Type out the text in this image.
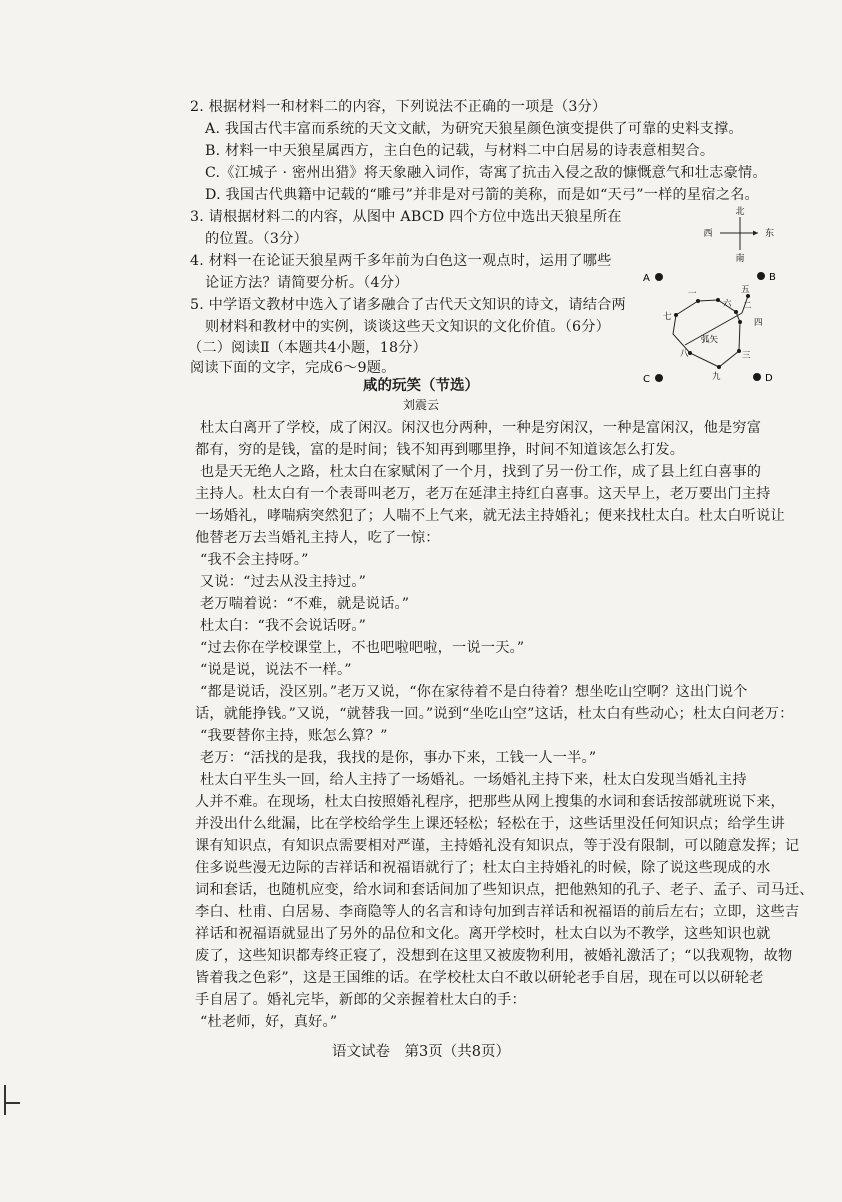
2. 根据材料一和材料二的内容，下列说法不正确的一项是（3分）
A. 我国古代丰富而系统的天文文献，为研究天狼星颜色演变提供了可靠的史料支撑。
B. 材料一中天狼星属西方，主白色的记载，与材料二中白居易的诗表意相契合。
C.《江城子 · 密州出猎》将天象融入词作，寄寓了抗击入侵之敌的慷慨意气和壮志豪情。
D. 我国古代典籍中记载的“雕弓”并非是对弓箭的美称，而是如“天弓”一样的星宿之名。
3. 请根据材料二的内容，从图中 ABCD 四个方位中选出天狼星所在
的位置。（3分）
4. 材料一在论证天狼星两千多年前为白色这一观点时，运用了哪些
论证方法？请简要分析。（4分）
5. 中学语文教材中选入了诸多融合了古代天文知识的诗文，请结合两
则材料和教材中的实例，谈谈这些天文知识的文化价值。（6分）
（二）阅读Ⅱ（本题共4小题，18分）
阅读下面的文字，完成6～9题。
北
南
西	东
A	B
C	D
一
二
三
四
五
六
七
八
九
弧矢
咸的玩笑（节选）
刘震云
杜太白离开了学校，成了闲汉。闲汉也分两种，一种是穷闲汉，一种是富闲汉，他是穷富
都有，穷的是钱，富的是时间；钱不知再到哪里挣，时间不知道该怎么打发。
也是天无绝人之路，杜太白在家赋闲了一个月，找到了另一份工作，成了县上红白喜事的
主持人。杜太白有一个表哥叫老万，老万在延津主持红白喜事。这天早上，老万要出门主持
一场婚礼，哮喘病突然犯了；人喘不上气来，就无法主持婚礼；便来找杜太白。杜太白听说让
他替老万去当婚礼主持人，吃了一惊：
“我不会主持呀。”
又说：“过去从没主持过。”
老万喘着说：“不难，就是说话。”
杜太白：“我不会说话呀。”
“过去你在学校课堂上，不也吧啦吧啦，一说一天。”
“说是说，说法不一样。”
“都是说话，没区别。”老万又说，“你在家待着不是白待着？想坐吃山空啊？这出门说个
话，就能挣钱。”又说，“就替我一回。”说到“坐吃山空”这话，杜太白有些动心；杜太白问老万：
“我要替你主持，账怎么算？”
老万：“活找的是我，我找的是你，事办下来，工钱一人一半。”
杜太白平生头一回，给人主持了一场婚礼。一场婚礼主持下来，杜太白发现当婚礼主持
人并不难。在现场，杜太白按照婚礼程序，把那些从网上搜集的水词和套话按部就班说下来，
并没出什么纰漏，比在学校给学生上课还轻松；轻松在于，这些话里没任何知识点；给学生讲
课有知识点，有知识点需要相对严谨，主持婚礼没有知识点，等于没有限制，可以随意发挥；记
住多说些漫无边际的吉祥话和祝福语就行了；杜太白主持婚礼的时候，除了说这些现成的水
词和套话，也随机应变，给水词和套话间加了些知识点，把他熟知的孔子、老子、孟子、司马迁、
李白、杜甫、白居易、李商隐等人的名言和诗句加到吉祥话和祝福语的前后左右；立即，这些吉
祥话和祝福语就显出了另外的品位和文化。离开学校时，杜太白以为不教学，这些知识也就
废了，这些知识都寿终正寝了，没想到在这里又被废物利用，被婚礼激活了；“以我观物，故物
皆着我之色彩”，这是王国维的话。在学校杜太白不敢以研轮老手自居，现在可以以研轮老
手自居了。婚礼完毕，新郎的父亲握着杜太白的手：
“杜老师，好，真好。”
语文试卷　第3页（共8页）
